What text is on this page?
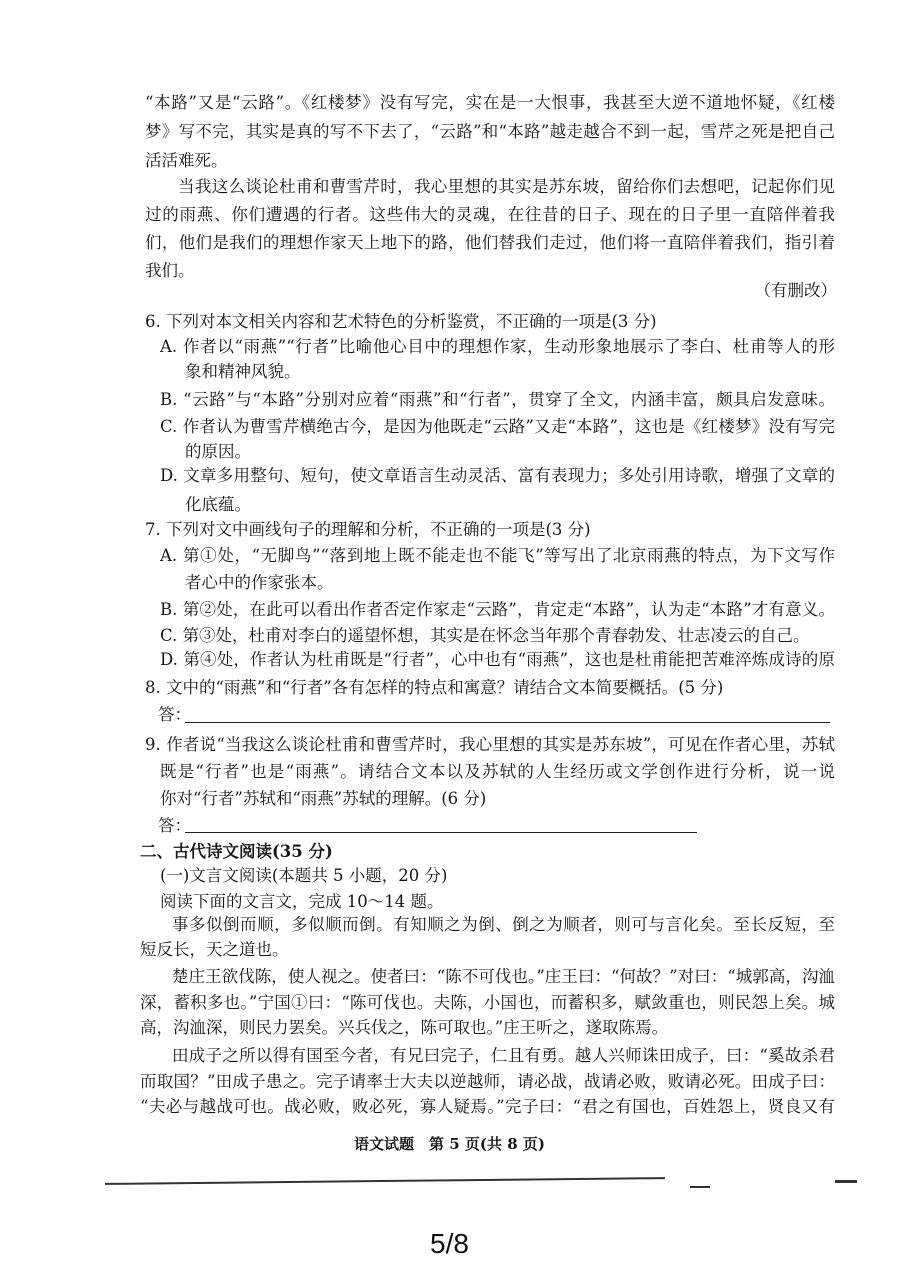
“本路”又是“云路”。《红楼梦》没有写完，实在是一大恨事，我甚至大逆不道地怀疑，《红楼
梦》写不完，其实是真的写不下去了，“云路”和“本路”越走越合不到一起，雪芹之死是把自己
活活难死。
当我这么谈论杜甫和曹雪芹时，我心里想的其实是苏东坡，留给你们去想吧，记起你们见
过的雨燕、你们遭遇的行者。这些伟大的灵魂，在往昔的日子、现在的日子里一直陪伴着我
们，他们是我们的理想作家天上地下的路，他们替我们走过，他们将一直陪伴着我们，指引着
我们。
（有删改）
6. 下列对本文相关内容和艺术特色的分析鉴赏，不正确的一项是(3 分)
A. 作者以“雨燕”“行者”比喻他心目中的理想作家，生动形象地展示了李白、杜甫等人的形
象和精神风貌。
B. “云路”与“本路”分别对应着“雨燕”和“行者”，贯穿了全文，内涵丰富，颇具启发意味。
C. 作者认为曹雪芹横绝古今，是因为他既走“云路”又走“本路”，这也是《红楼梦》没有写完
的原因。
D. 文章多用整句、短句，使文章语言生动灵活、富有表现力；多处引用诗歌，增强了文章的
化底蕴。
7. 下列对文中画线句子的理解和分析，不正确的一项是(3 分)
A. 第①处，“无脚鸟”“落到地上既不能走也不能飞”等写出了北京雨燕的特点，为下文写作
者心中的作家张本。
B. 第②处，在此可以看出作者否定作家走“云路”，肯定走“本路”，认为走“本路”才有意义。
C. 第③处，杜甫对李白的遥望怀想，其实是在怀念当年那个青春勃发、壮志凌云的自己。
D. 第④处，作者认为杜甫既是“行者”，心中也有“雨燕”，这也是杜甫能把苦难淬炼成诗的原
8. 文中的“雨燕”和“行者”各有怎样的特点和寓意？请结合文本简要概括。(5 分)
答：
9. 作者说“当我这么谈论杜甫和曹雪芹时，我心里想的其实是苏东坡”，可见在作者心里，苏轼
既是“行者”也是“雨燕”。请结合文本以及苏轼的人生经历或文学创作进行分析，说一说
你对“行者”苏轼和“雨燕”苏轼的理解。(6 分)
答：
二、古代诗文阅读(35 分)
(一)文言文阅读(本题共 5 小题，20 分)
阅读下面的文言文，完成 10～14 题。
事多似倒而顺，多似顺而倒。有知顺之为倒、倒之为顺者，则可与言化矣。至长反短，至
短反长，天之道也。
楚庄王欲伐陈，使人视之。使者曰：“陈不可伐也。”庄王曰：“何故？”对曰：“城郭高，沟洫
深，蓄积多也。”宁国①曰：“陈可伐也。夫陈，小国也，而蓄积多，赋敛重也，则民怨上矣。城
高，沟洫深，则民力罢矣。兴兵伐之，陈可取也。”庄王听之，遂取陈焉。
田成子之所以得有国至今者，有兄曰完子，仁且有勇。越人兴师诛田成子，曰：“奚故杀君
而取国？”田成子患之。完子请率士大夫以逆越师，请必战，战请必败，败请必死。田成子曰：
“夫必与越战可也。战必败，败必死，寡人疑焉。”完子曰：“君之有国也，百姓怨上，贤良又有
语文试题　第 5 页(共 8 页)
5/8
